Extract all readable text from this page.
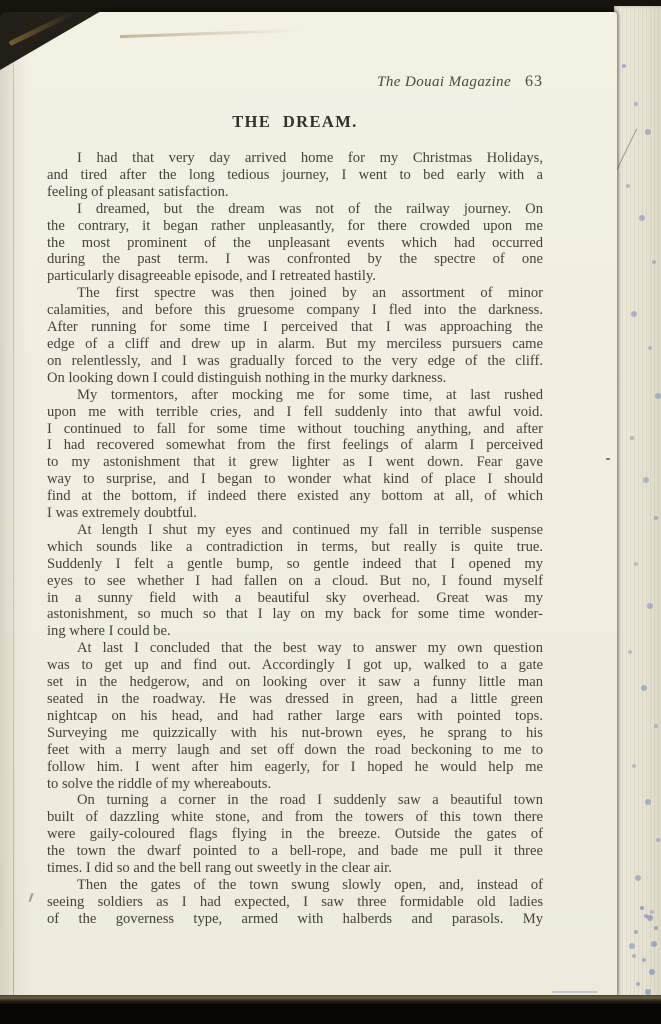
The Douai Magazine 63
THE DREAM.

I had that very day arrived home for my Christmas Holidays,
and tired after the long tedious journey, I went to bed early with a
feeling of pleasant satisfaction.

I dreamed, but the dream was not of the railway journey. On
the contrary, it began rather unpleasantly, for there crowded upon me
the most prominent of the unpleasant events which had occurred
during the past term. I was confronted by the spectre of one
particularly disagreeable episode, and I retreated hastily.

The first spectre was then joined by an assortment of minor
calamities, and before this gruesome company I fled into the darkness.
After running for some time I perceived that I was approaching the
edge of a cliff and drew up in alarm. But my merciless pursuers came
on relentlessly, and I was gradually forced to the very edge of the cliff.
On looking down I could distinguish nothing in the murky darkness.

My tormentors, after mocking me for some time, at last rushed
upon me with terrible cries, and I fell suddenly into that awful void.
I continued to fall for some time without touching anything, and after
I had recovered somewhat from the first feelings of alarm I perceived
to my astonishment that it grew lighter as I went down. Fear gave
way to surprise, and I began to wonder what kind of place I should
find at the bottom, if indeed there existed any bottom at all, of which
I was extremely doubtful.

At length I shut my eyes and continued my fall in terrible suspense
which sounds like a contradiction in terms, but really is quite true.
Suddenly I felt a gentle bump, so gentle indeed that I opened my
eyes to see whether I had fallen on a cloud. But no, I found myself
in a sunny field with a beautiful sky overhead. Great was my
astonishment, so much so that I lay on my back for some time wonder-
ing where I could be.

At last I concluded that the best way to answer my own question
was to get up and find out. Accordingly I got up, walked to a gate
set in the hedgerow, and on looking over it saw a funny little man
seated in the roadway. He was dressed in green, had a little green
nightcap on his head, and had rather large ears with pointed tops.
Surveying me quizzically with his nut-brown eyes, he sprang to his
feet with a merry laugh and set off down the road beckoning to me to
follow him. I went after him eagerly, for I hoped he would help me
to solve the riddle of my whereabouts.

On turning a corner in the road I suddenly saw a beautiful town
built of dazzling white stone, and from the towers of this town there
were gaily-coloured flags flying in the breeze. Outside the gates of
the town the dwarf pointed to a bell-rope, and bade me pull it three
times. I did so and the bell rang out sweetly in the clear air.

Then the gates of the town swung slowly open, and, instead of
seeing soldiers as I had expected, I saw three formidable old ladies
of the governess type, armed with halberds and parasols. My
